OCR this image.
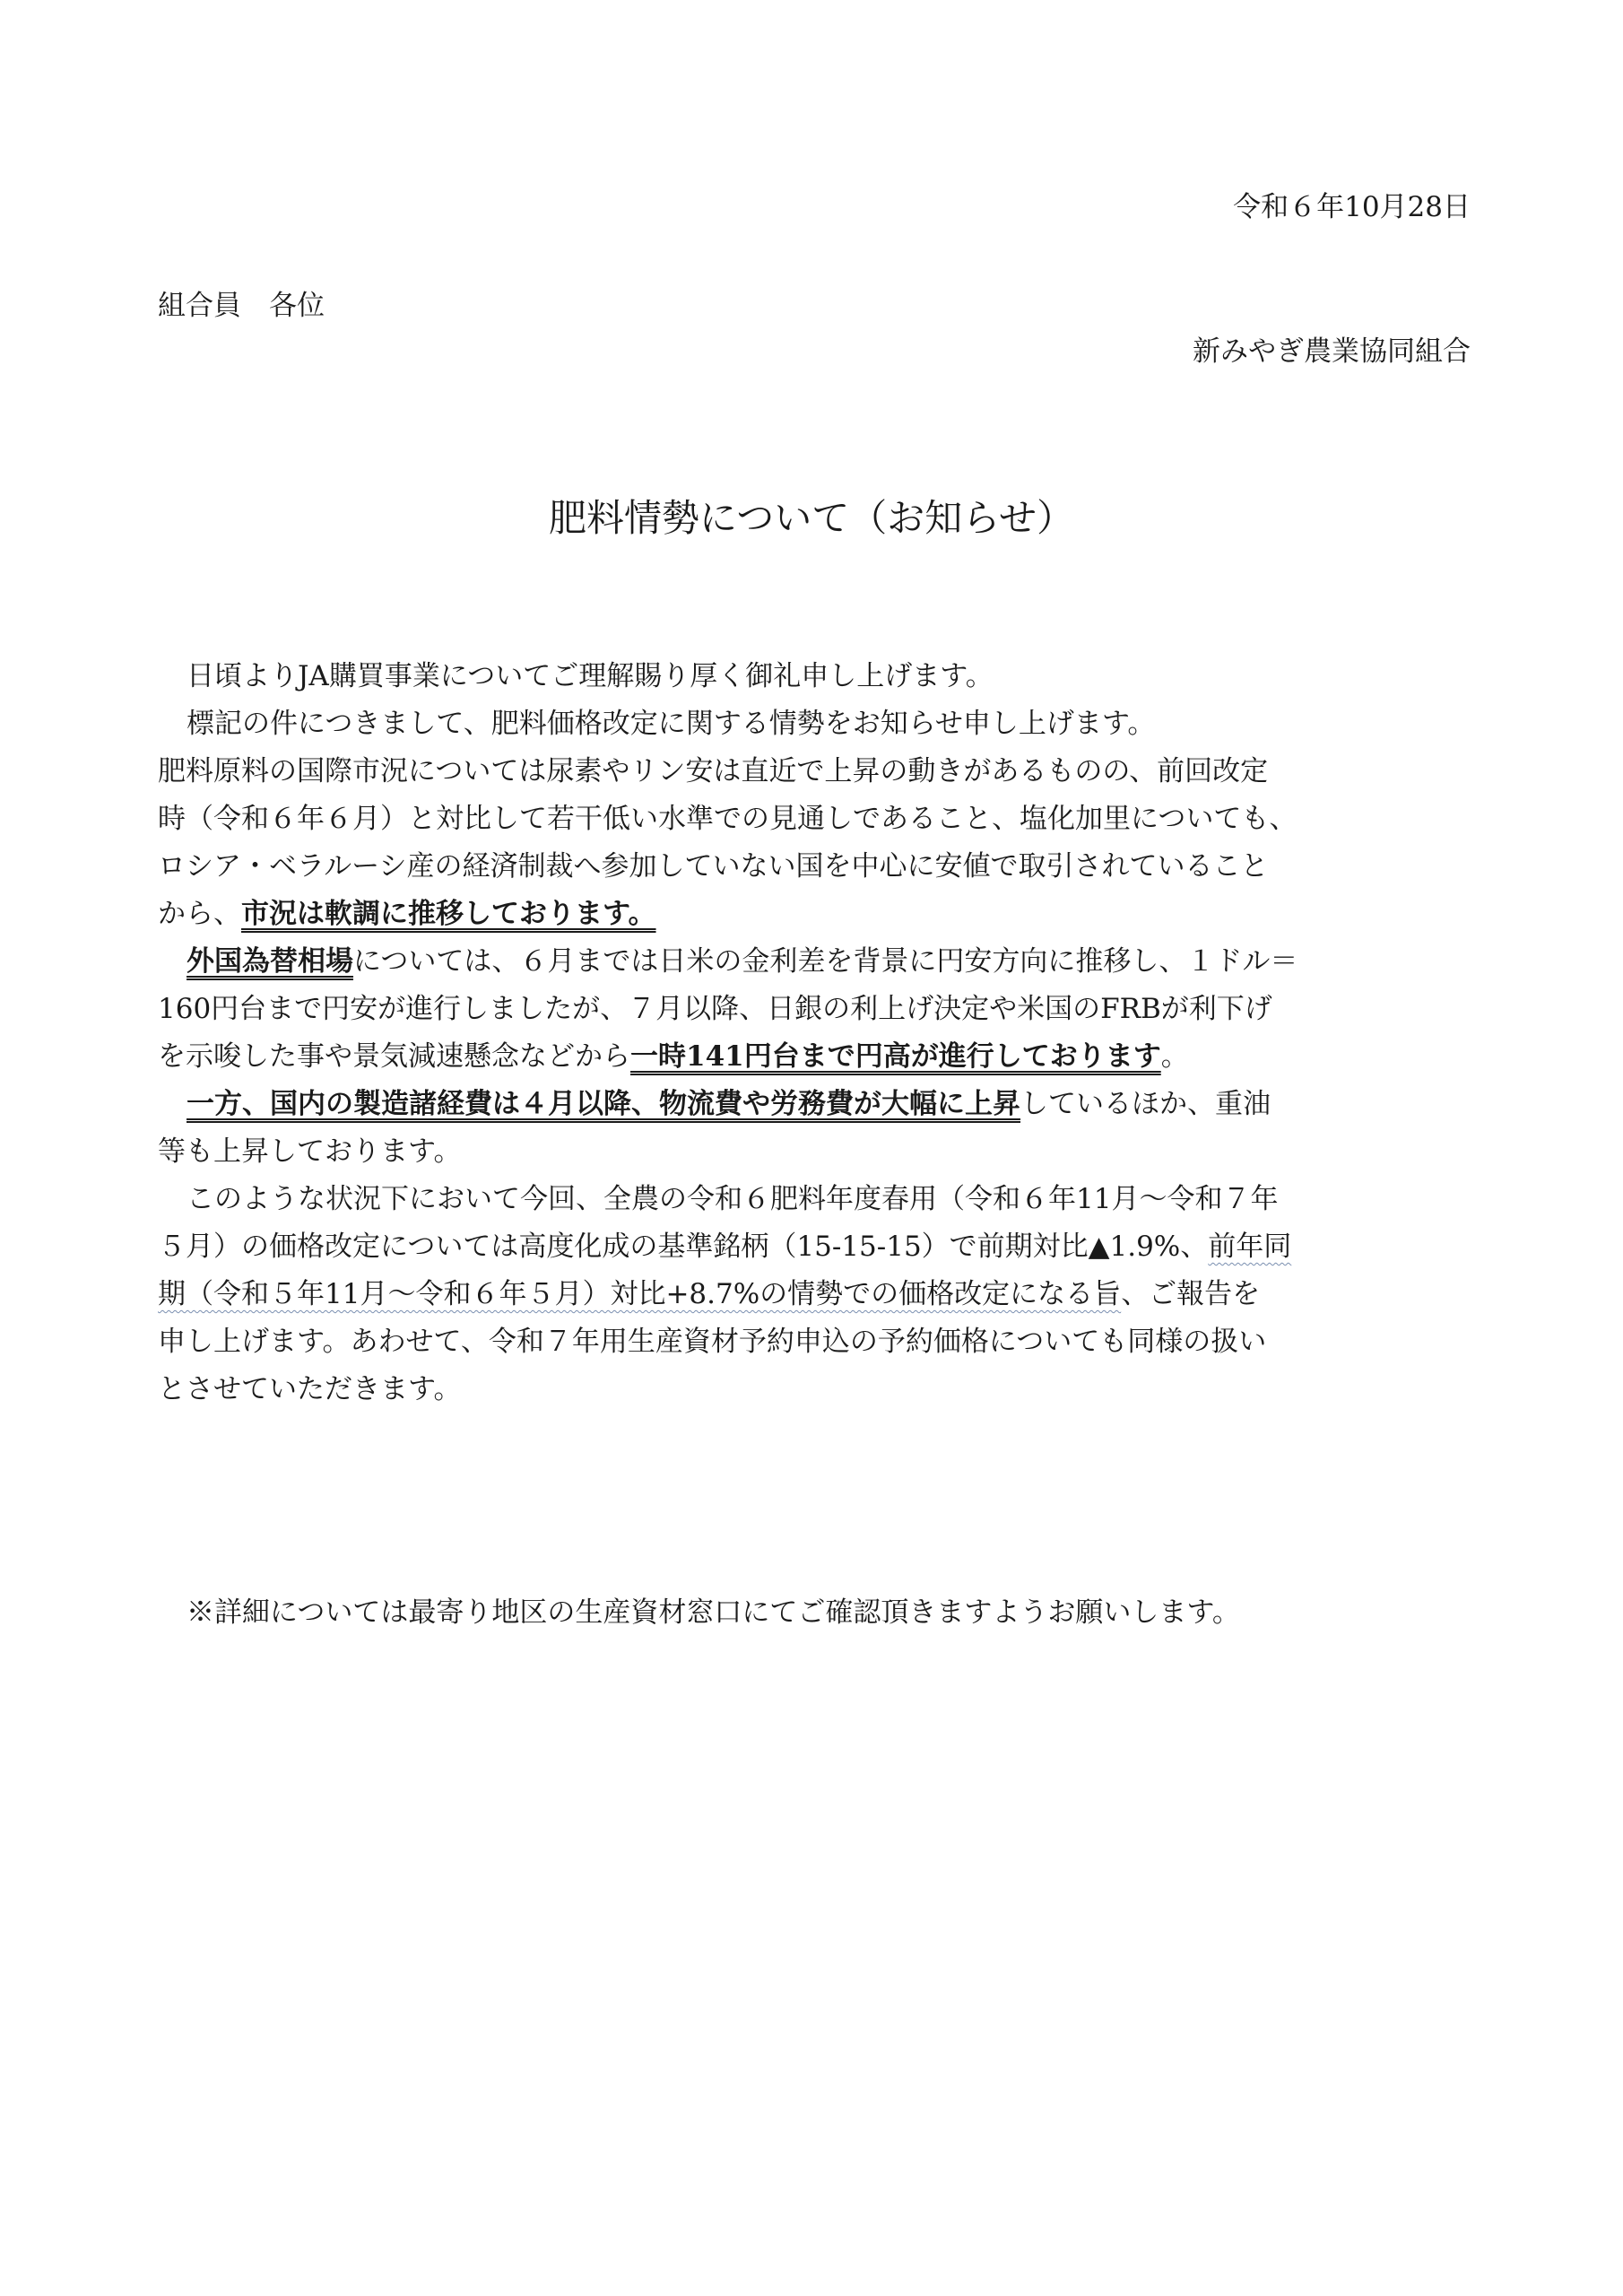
令和６年10月28日
組合員　各位
新みやぎ農業協同組合
肥料情勢について（お知らせ）
日頃よりJA購買事業についてご理解賜り厚く御礼申し上げます。
標記の件につきまして、肥料価格改定に関する情勢をお知らせ申し上げます。
肥料原料の国際市況については尿素やリン安は直近で上昇の動きがあるものの、前回改定
時（令和６年６月）と対比して若干低い水準での見通しであること、塩化加里についても、
ロシア・ベラルーシ産の経済制裁へ参加していない国を中心に安値で取引されていること
から、市況は軟調に推移しております。
外国為替相場については、６月までは日米の金利差を背景に円安方向に推移し、１ドル＝
160円台まで円安が進行しましたが、７月以降、日銀の利上げ決定や米国のFRBが利下げ
を示唆した事や景気減速懸念などから一時141円台まで円高が進行しております。
一方、国内の製造諸経費は４月以降、物流費や労務費が大幅に上昇しているほか、重油
等も上昇しております。
このような状況下において今回、全農の令和６肥料年度春用（令和６年11月～令和７年
５月）の価格改定については高度化成の基準銘柄（15-15-15）で前期対比▲1.9%、前年同
期（令和５年11月～令和６年５月）対比+8.7%の情勢での価格改定になる旨、ご報告を
申し上げます。あわせて、令和７年用生産資材予約申込の予約価格についても同様の扱い
とさせていただきます。
※詳細については最寄り地区の生産資材窓口にてご確認頂きますようお願いします。
